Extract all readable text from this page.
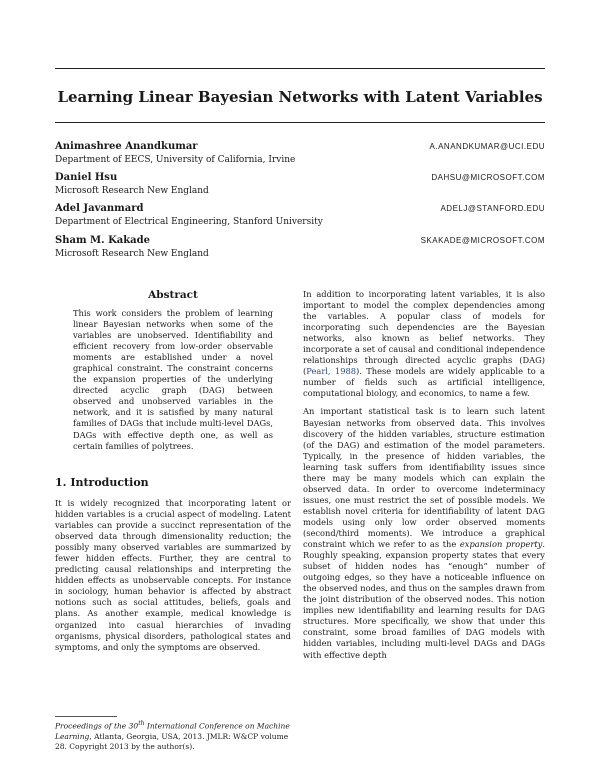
Learning Linear Bayesian Networks with Latent Variables
Animashree Anandkumar	A.ANANDKUMAR@UCI.EDU
Department of EECS, University of California, Irvine
Daniel Hsu	DAHSU@MICROSOFT.COM
Microsoft Research New England
Adel Javanmard	ADELJ@STANFORD.EDU
Department of Electrical Engineering, Stanford University
Sham M. Kakade	SKAKADE@MICROSOFT.COM
Microsoft Research New England

Abstract

This work considers the problem of learning linear Bayesian networks when some of the variables are unobserved. Identifiability and efficient recovery from low-order observable moments are established under a novel graphical constraint. The constraint concerns the expansion properties of the underlying directed acyclic graph (DAG) between observed and unobserved variables in the network, and it is satisfied by many natural families of DAGs that include multi-level DAGs, DAGs with effective depth one, as well as certain families of polytrees.

1. Introduction

It is widely recognized that incorporating latent or hidden variables is a crucial aspect of modeling. Latent variables can provide a succinct representation of the observed data through dimensionality reduction; the possibly many observed variables are summarized by fewer hidden effects. Further, they are central to predicting causal relationships and interpreting the hidden effects as unobservable concepts. For instance in sociology, human behavior is affected by abstract notions such as social attitudes, beliefs, goals and plans. As another example, medical knowledge is organized into casual hierarchies of invading organisms, physical disorders, pathological states and symptoms, and only the symptoms are observed.

Proceedings of the 30th International Conference on Machine Learning, Atlanta, Georgia, USA, 2013. JMLR: W&CP volume 28. Copyright 2013 by the author(s).

In addition to incorporating latent variables, it is also important to model the complex dependencies among the variables. A popular class of models for incorporating such dependencies are the Bayesian networks, also known as belief networks. They incorporate a set of causal and conditional independence relationships through directed acyclic graphs (DAG) (Pearl, 1988). These models are widely applicable to a number of fields such as artificial intelligence, computational biology, and economics, to name a few.

An important statistical task is to learn such latent Bayesian networks from observed data. This involves discovery of the hidden variables, structure estimation (of the DAG) and estimation of the model parameters. Typically, in the presence of hidden variables, the learning task suffers from identifiability issues since there may be many models which can explain the observed data. In order to overcome indeterminacy issues, one must restrict the set of possible models. We establish novel criteria for identifiability of latent DAG models using only low order observed moments (second/third moments). We introduce a graphical constraint which we refer to as the expansion property. Roughly speaking, expansion property states that every subset of hidden nodes has “enough” number of outgoing edges, so they have a noticeable influence on the observed nodes, and thus on the samples drawn from the joint distribution of the observed nodes. This notion implies new identifiability and learning results for DAG structures. More specifically, we show that under this constraint, some broad families of DAG models with hidden variables, including multi-level DAGs and DAGs with effective depth
